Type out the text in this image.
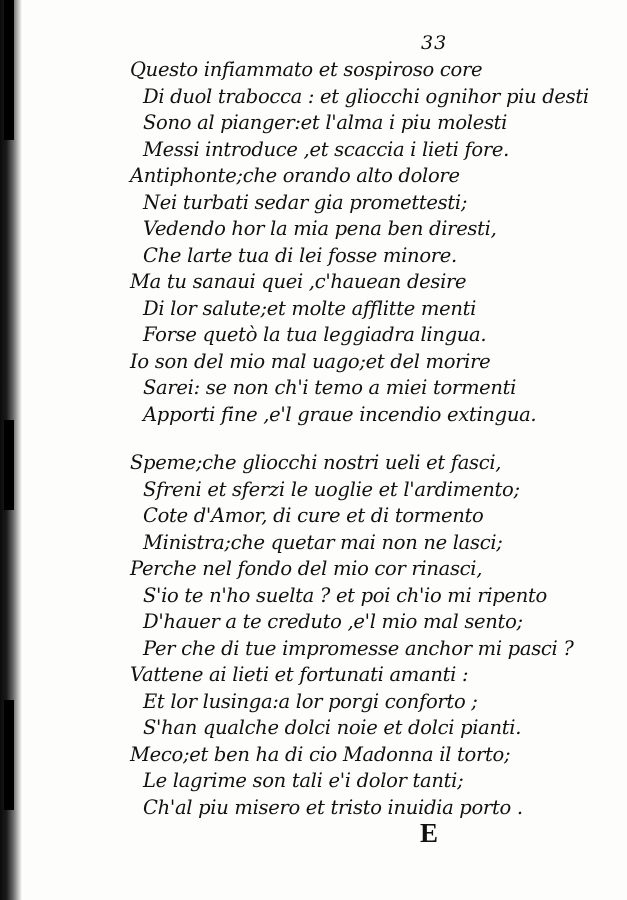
33
Questo infiammato et sospiroso core
Di duol trabocca : et gliocchi ognihor piu desti
Sono al pianger:et l'alma i piu molesti
Messi introduce ,et scaccia i lieti fore.
Antiphonte;che orando alto dolore
Nei turbati sedar gia promettesti;
Vedendo hor la mia pena ben diresti,
Che larte tua di lei fosse minore.
Ma tu sanaui quei ,c'hauean desire
Di lor salute;et molte afflitte menti
Forse quetò la tua leggiadra lingua.
Io son del mio mal uago;et del morire
Sarei: se non ch'i temo a miei tormenti
Apporti fine ,e'l graue incendio extingua.
Speme;che gliocchi nostri ueli et fasci,
Sfreni et sferzi le uoglie et l'ardimento;
Cote d'Amor, di cure et di tormento
Ministra;che quetar mai non ne lasci;
Perche nel fondo del mio cor rinasci,
S'io te n'ho suelta ? et poi ch'io mi ripento
D'hauer a te creduto ,e'l mio mal sento;
Per che di tue impromesse anchor mi pasci ?
Vattene ai lieti et fortunati amanti :
Et lor lusinga:a lor porgi conforto ;
S'han qualche dolci noie et dolci pianti.
Meco;et ben ha di cio Madonna il torto;
Le lagrime son tali e'i dolor tanti;
Ch'al piu misero et tristo inuidia porto .
E
